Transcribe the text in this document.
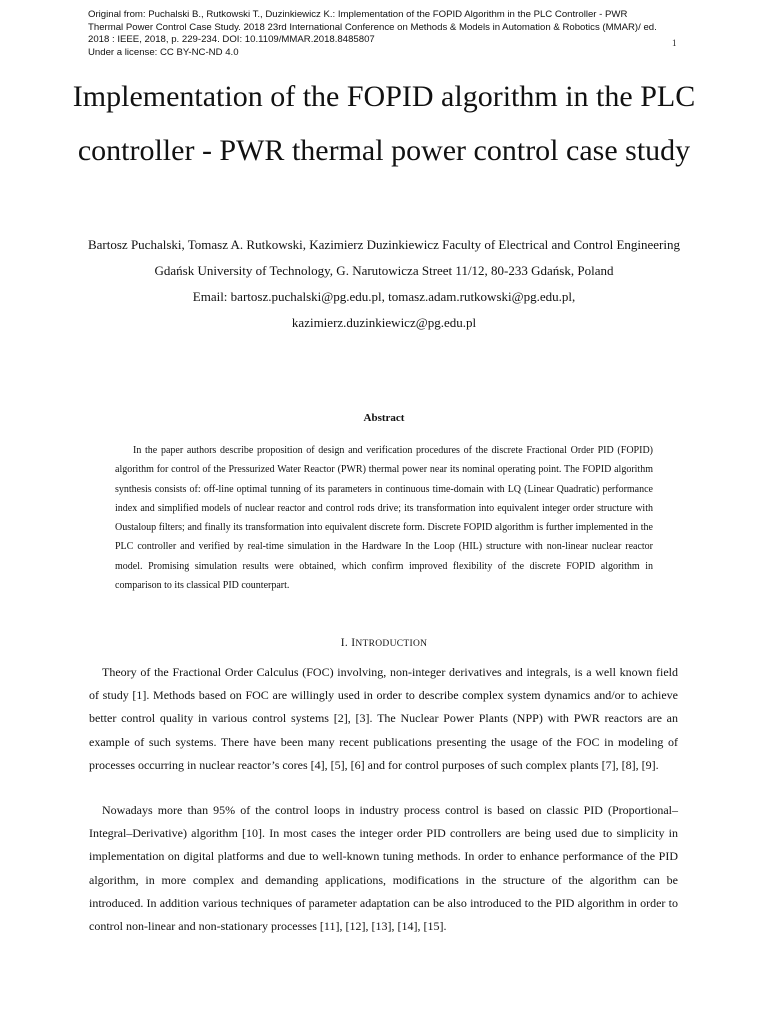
Original from: Puchalski B., Rutkowski T., Duzinkiewicz K.: Implementation of the FOPID Algorithm in the PLC Controller - PWR
Thermal Power Control Case Study. 2018 23rd International Conference on Methods & Models in Automation & Robotics (MMAR)/ ed.
2018 : IEEE, 2018, p. 229-234. DOI: 10.1109/MMAR.2018.8485807
Under a license: CC BY-NC-ND 4.0
1
Implementation of the FOPID algorithm in the PLC controller - PWR thermal power control case study
Bartosz Puchalski, Tomasz A. Rutkowski, Kazimierz Duzinkiewicz Faculty of Electrical and Control Engineering
Gdańsk University of Technology, G. Narutowicza Street 11/12, 80-233 Gdańsk, Poland
Email: bartosz.puchalski@pg.edu.pl, tomasz.adam.rutkowski@pg.edu.pl,
kazimierz.duzinkiewicz@pg.edu.pl
Abstract

In the paper authors describe proposition of design and verification procedures of the discrete Fractional Order PID (FOPID) algorithm for control of the Pressurized Water Reactor (PWR) thermal power near its nominal operating point. The FOPID algorithm synthesis consists of: off-line optimal tunning of its parameters in continuous time-domain with LQ (Linear Quadratic) performance index and simplified models of nuclear reactor and control rods drive; its transformation into equivalent integer order structure with Oustaloup filters; and finally its transformation into equivalent discrete form. Discrete FOPID algorithm is further implemented in the PLC controller and verified by real-time simulation in the Hardware In the Loop (HIL) structure with non-linear nuclear reactor model. Promising simulation results were obtained, which confirm improved flexibility of the discrete FOPID algorithm in comparison to its classical PID counterpart.

I. INTRODUCTION

Theory of the Fractional Order Calculus (FOC) involving, non-integer derivatives and integrals, is a well known field of study [1]. Methods based on FOC are willingly used in order to describe complex system dynamics and/or to achieve better control quality in various control systems [2], [3]. The Nuclear Power Plants (NPP) with PWR reactors are an example of such systems. There have been many recent publications presenting the usage of the FOC in modeling of processes occurring in nuclear reactor’s cores [4], [5], [6] and for control purposes of such complex plants [7], [8], [9].

Nowadays more than 95% of the control loops in industry process control is based on classic PID (Proportional–Integral–Derivative) algorithm [10]. In most cases the integer order PID controllers are being used due to simplicity in implementation on digital platforms and due to well-known tuning methods. In order to enhance performance of the PID algorithm, in more complex and demanding applications, modifications in the structure of the algorithm can be introduced. In addition various techniques of parameter adaptation can be also introduced to the PID algorithm in order to control non-linear and non-stationary processes [11], [12], [13], [14], [15].
